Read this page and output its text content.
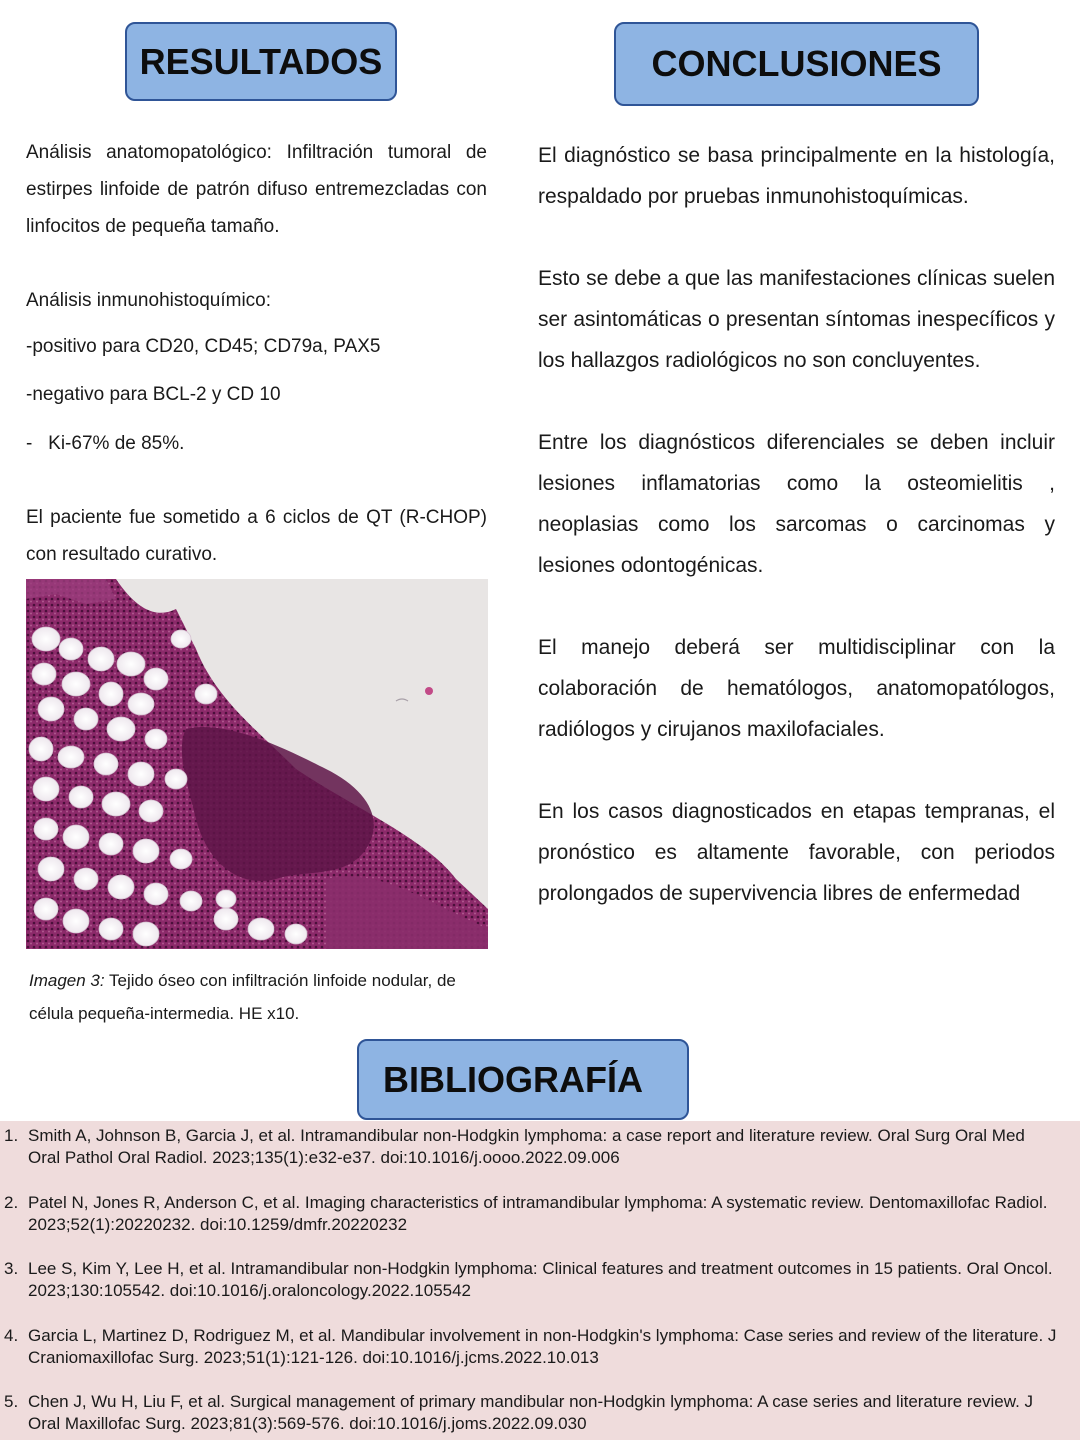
RESULTADOS	CONCLUSIONES
BIBLIOGRAFÍA

Análisis anatomopatológico: Infiltración tumoral de estirpes linfoide de patrón difuso entremezcladas con linfocitos de pequeña tamaño.

Análisis inmunohistoquímico:

-positivo para CD20, CD45; CD79a, PAX5

-negativo para BCL-2 y CD 10

-   Ki-67% de 85%.

El paciente fue sometido a 6 ciclos de QT (R-CHOP) con resultado curativo.

Imagen 3: Tejido óseo con infiltración linfoide nodular, de célula pequeña-intermedia. HE x10.

El diagnóstico se basa principalmente en la histología, respaldado por pruebas inmunohistoquímicas.

Esto se debe a que las manifestaciones clínicas suelen ser asintomáticas o presentan síntomas inespecíficos y los hallazgos radiológicos no son concluyentes.

Entre los diagnósticos diferenciales se deben incluir lesiones inflamatorias como la osteomielitis , neoplasias como los sarcomas o carcinomas y lesiones odontogénicas.

El manejo deberá ser multidisciplinar con la colaboración de hematólogos, anatomopatólogos, radiólogos y cirujanos maxilofaciales.

En los casos diagnosticados en etapas tempranas, el pronóstico es altamente favorable, con periodos prolongados de supervivencia libres de enfermedad

1. Smith A, Johnson B, Garcia J, et al. Intramandibular non-Hodgkin lymphoma: a case report and literature review. Oral Surg Oral Med Oral Pathol Oral Radiol. 2023;135(1):e32-e37. doi:10.1016/j.oooo.2022.09.006
2. Patel N, Jones R, Anderson C, et al. Imaging characteristics of intramandibular lymphoma: A systematic review. Dentomaxillofac Radiol. 2023;52(1):20220232. doi:10.1259/dmfr.20220232
3. Lee S, Kim Y, Lee H, et al. Intramandibular non-Hodgkin lymphoma: Clinical features and treatment outcomes in 15 patients. Oral Oncol. 2023;130:105542. doi:10.1016/j.oraloncology.2022.105542
4. Garcia L, Martinez D, Rodriguez M, et al. Mandibular involvement in non-Hodgkin's lymphoma: Case series and review of the literature. J Craniomaxillofac Surg. 2023;51(1):121-126. doi:10.1016/j.jcms.2022.10.013
5. Chen J, Wu H, Liu F, et al. Surgical management of primary mandibular non-Hodgkin lymphoma: A case series and literature review. J Oral Maxillofac Surg. 2023;81(3):569-576. doi:10.1016/j.joms.2022.09.030
